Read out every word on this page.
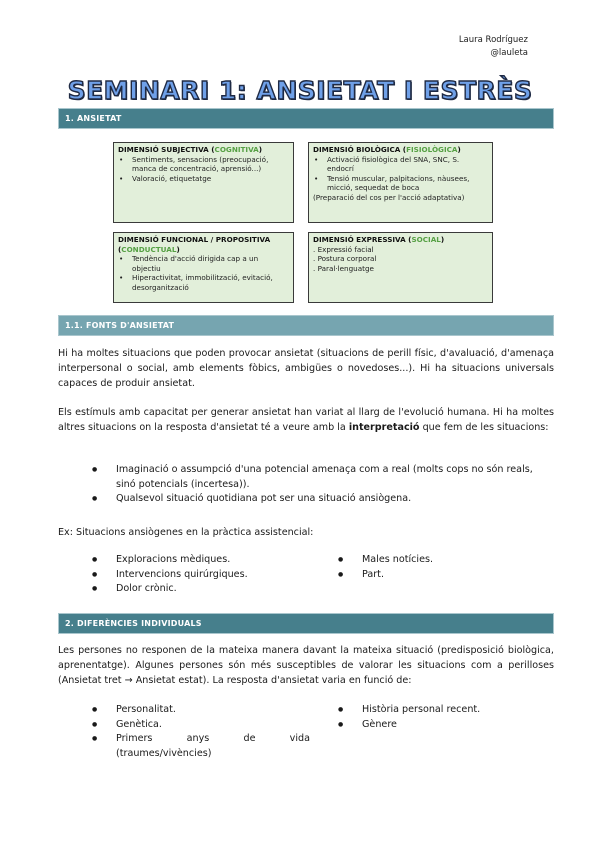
Laura Rodríguez
@lauleta
SEMINARI 1: ANSIETAT I ESTRÈS
1. ANSIETAT
DIMENSIÓ SUBJECTIVA (COGNITIVA)
• Sentiments, sensacions (preocupació, manca de concentració, aprensió...)
• Valoració, etiquetatge
DIMENSIÓ BIOLÒGICA (FISIOLÒGICA)
• Activació fisiològica del SNA, SNC, S. endocrí
• Tensió muscular, palpitacions, nàusees, micció, sequedat de boca
(Preparació del cos per l'acció adaptativa)
DIMENSIÓ FUNCIONAL / PROPOSITIVA (CONDUCTUAL)
• Tendència d'acció dirigida cap a un objectiu
• Hiperactivitat, immobilització, evitació, desorganització
DIMENSIÓ EXPRESSIVA (SOCIAL)
. Expressió facial
. Postura corporal
. Paral·lenguatge
1.1. FONTS D'ANSIETAT
Hi ha moltes situacions que poden provocar ansietat (situacions de perill físic, d'avaluació, d'amenaça interpersonal o social, amb elements fòbics, ambigües o novedoses...). Hi ha situacions universals capaces de produir ansietat.
Els estímuls amb capacitat per generar ansietat han variat al llarg de l'evolució humana. Hi ha moltes altres situacions on la resposta d'ansietat té a veure amb la interpretació que fem de les situacions:
● Imaginació o assumpció d'una potencial amenaça com a real (molts cops no són reals, sinó potencials (incertesa)).
● Qualsevol situació quotidiana pot ser una situació ansiògena.
Ex: Situacions ansiògenes en la pràctica assistencial:
● Exploracions mèdiques.
● Intervencions quirúrgiques.
● Dolor crònic.
● Males notícies.
● Part.
2. DIFERÈNCIES INDIVIDUALS
Les persones no responen de la mateixa manera davant la mateixa situació (predisposició biològica, aprenentatge). Algunes persones són més susceptibles de valorar les situacions com a perilloses (Ansietat tret → Ansietat estat). La resposta d'ansietat varia en funció de:
● Personalitat.
● Genètica.
● Primers anys de vida (traumes/vivències)
● Història personal recent.
● Gènere
